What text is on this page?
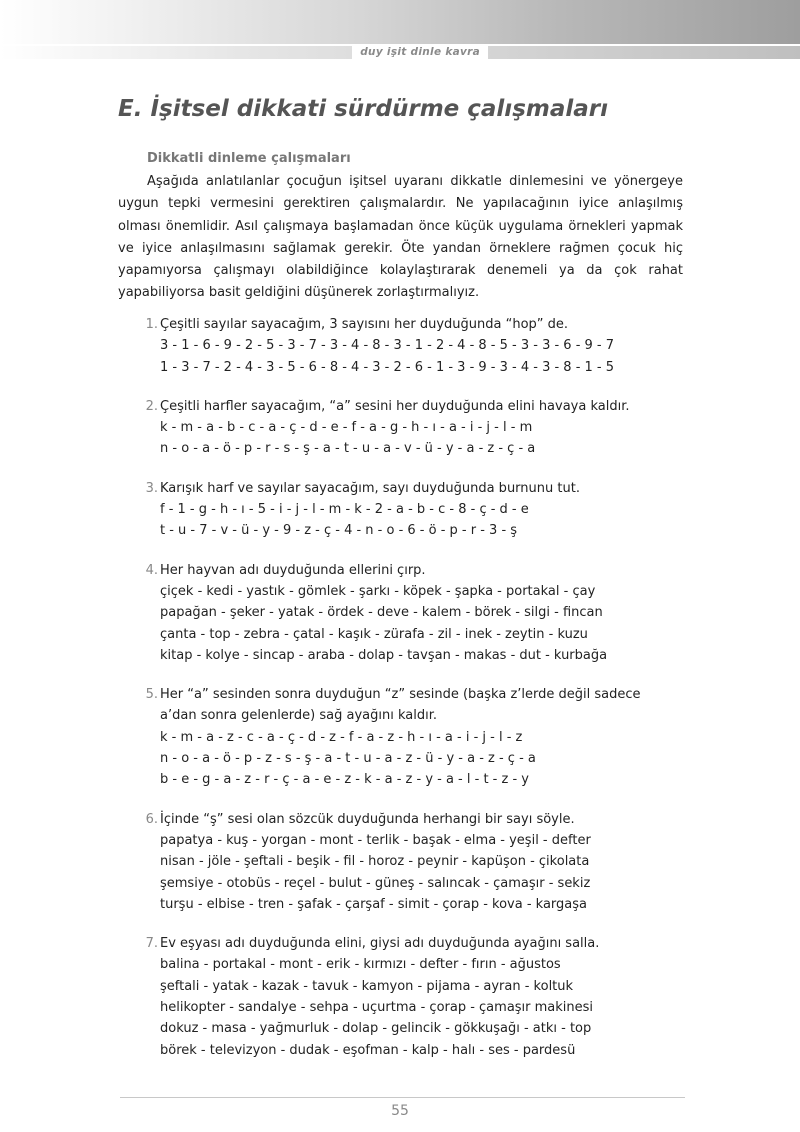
duy işit dinle kavra
E. İşitsel dikkati sürdürme çalışmaları
Dikkatli dinleme çalışmaları

Aşağıda anlatılanlar çocuğun işitsel uyaranı dikkatle dinlemesini ve yönergeye uygun tepki vermesini gerektiren çalışmalardır. Ne yapılacağının iyice anlaşılmış olması önemlidir. Asıl çalışmaya başlamadan önce küçük uygulama örnekleri yapmak ve iyice anlaşılmasını sağlamak gerekir. Öte yandan örneklere rağmen çocuk hiç yapamıyorsa çalışmayı olabildiğince kolaylaştırarak denemeli ya da çok rahat yapabiliyorsa basit geldiğini düşünerek zorlaştırmalıyız.

1. Çeşitli sayılar sayacağım, 3 sayısını her duyduğunda “hop” de.
3 - 1 - 6 - 9 - 2 - 5 - 3 - 7 - 3 - 4 - 8 - 3 - 1 - 2 - 4 - 8 - 5 - 3 - 3 - 6 - 9 - 7
1 - 3 - 7 - 2 - 4 - 3 - 5 - 6 - 8 - 4 - 3 - 2 - 6 - 1 - 3 - 9 - 3 - 4 - 3 - 8 - 1 - 5
2. Çeşitli harfler sayacağım, “a” sesini her duyduğunda elini havaya kaldır.
k - m - a - b - c - a - ç - d - e - f - a - g - h - ı - a - i - j - l - m
n - o - a - ö - p - r - s - ş - a - t - u - a - v - ü - y - a - z - ç - a
3. Karışık harf ve sayılar sayacağım, sayı duyduğunda burnunu tut.
f - 1 - g - h - ı - 5 - i - j - l - m - k - 2 - a - b - c - 8 - ç - d - e
t - u - 7 - v - ü - y - 9 - z - ç - 4 - n - o - 6 - ö - p - r - 3 - ş
4. Her hayvan adı duyduğunda ellerini çırp.
çiçek - kedi - yastık - gömlek - şarkı - köpek - şapka - portakal - çay
papağan - şeker - yatak - ördek - deve - kalem - börek - silgi - fincan
çanta - top - zebra - çatal - kaşık - zürafa - zil - inek - zeytin - kuzu
kitap - kolye - sincap - araba - dolap - tavşan - makas - dut - kurbağa
5. Her “a” sesinden sonra duyduğun “z” sesinde (başka z’lerde değil sadece
a’dan sonra gelenlerde) sağ ayağını kaldır.
k - m - a - z - c - a - ç - d - z - f - a - z - h - ı - a - i - j - l - z
n - o - a - ö - p - z - s - ş - a - t - u - a - z - ü - y - a - z - ç - a
b - e - g - a - z - r - ç - a - e - z - k - a - z - y - a - l - t - z - y
6. İçinde “ş” sesi olan sözcük duyduğunda herhangi bir sayı söyle.
papatya - kuş - yorgan - mont - terlik - başak - elma - yeşil - defter
nisan - jöle - şeftali - beşik - fil - horoz - peynir - kapüşon - çikolata
şemsiye - otobüs - reçel - bulut - güneş - salıncak - çamaşır - sekiz
turşu - elbise - tren - şafak - çarşaf - simit - çorap - kova - kargaşa
7. Ev eşyası adı duyduğunda elini, giysi adı duyduğunda ayağını salla.
balina - portakal - mont - erik - kırmızı - defter - fırın - ağustos
şeftali - yatak - kazak - tavuk - kamyon - pijama - ayran - koltuk
helikopter - sandalye - sehpa - uçurtma - çorap - çamaşır makinesi
dokuz - masa - yağmurluk - dolap - gelincik - gökkuşağı - atkı - top
börek - televizyon - dudak - eşofman - kalp - halı - ses - pardesü
55
